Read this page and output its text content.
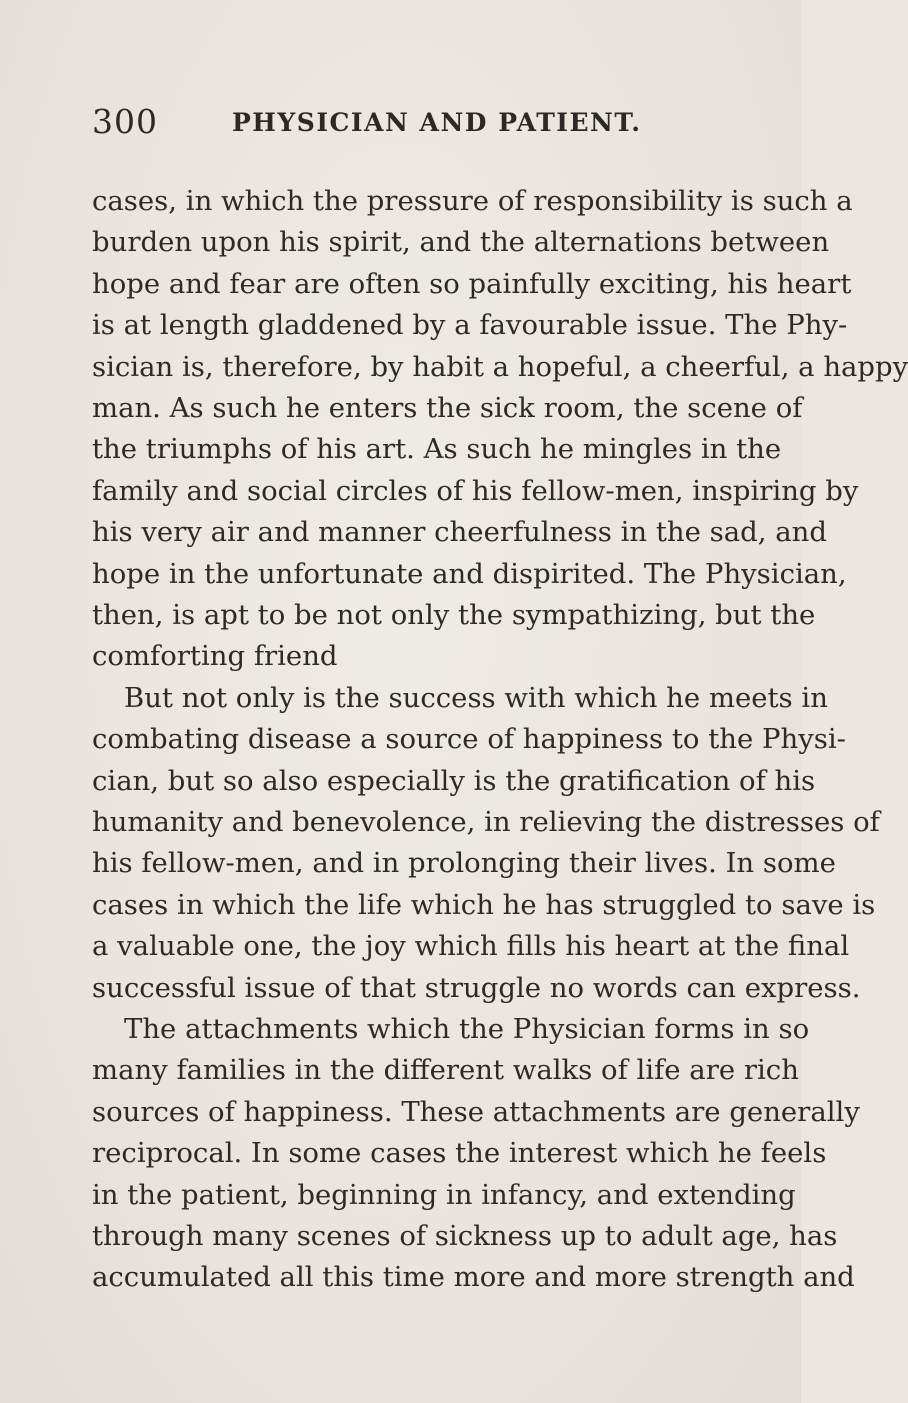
300	PHYSICIAN AND PATIENT.
cases, in which the pressure of responsibility is such a
burden upon his spirit, and the alternations between
hope and fear are often so painfully exciting, his heart
is at length gladdened by a favourable issue. The Phy-
sician is, therefore, by habit a hopeful, a cheerful, a happy
man. As such he enters the sick room, the scene of
the triumphs of his art. As such he mingles in the
family and social circles of his fellow-men, inspiring by
his very air and manner cheerfulness in the sad, and
hope in the unfortunate and dispirited. The Physician,
then, is apt to be not only the sympathizing, but the
comforting friend
But not only is the success with which he meets in
combating disease a source of happiness to the Physi-
cian, but so also especially is the gratification of his
humanity and benevolence, in relieving the distresses of
his fellow-men, and in prolonging their lives. In some
cases in which the life which he has struggled to save is
a valuable one, the joy which fills his heart at the final
successful issue of that struggle no words can express.
The attachments which the Physician forms in so
many families in the different walks of life are rich
sources of happiness. These attachments are generally
reciprocal. In some cases the interest which he feels
in the patient, beginning in infancy, and extending
through many scenes of sickness up to adult age, has
accumulated all this time more and more strength and
